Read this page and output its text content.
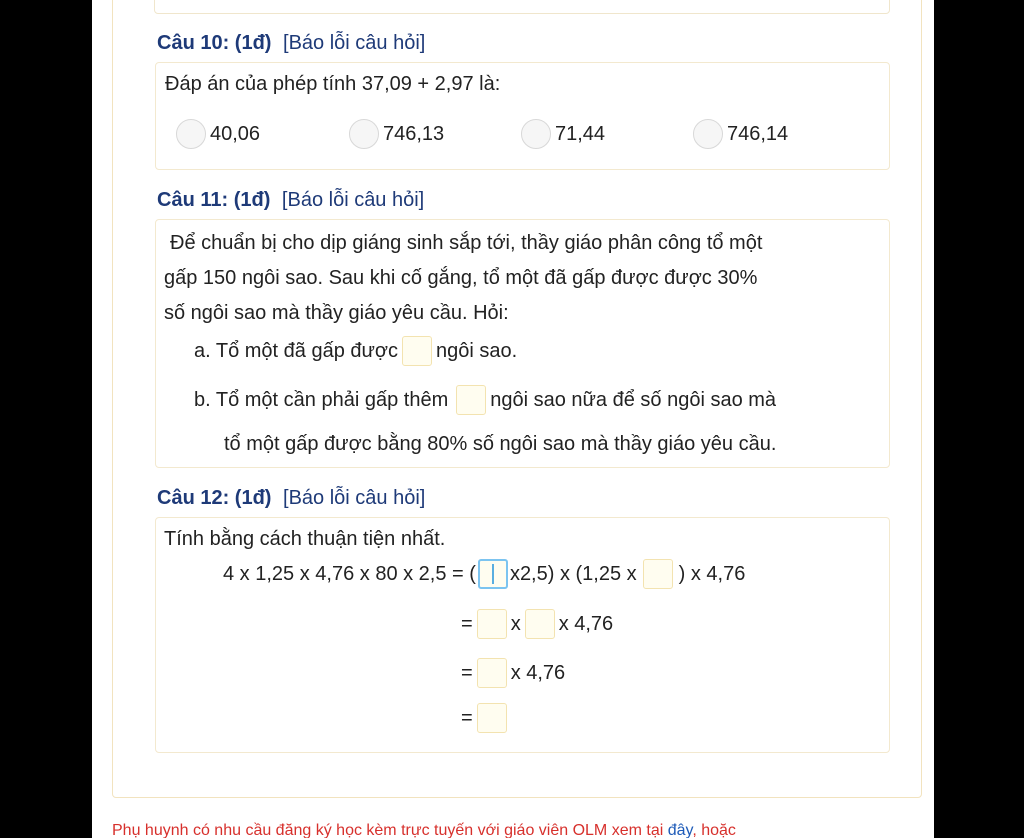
Câu 10: (1đ) [Báo lỗi câu hỏi]
Đáp án của phép tính 37,09 + 2,97 là:
40,06	746,13	71,44	746,14
Câu 11: (1đ) [Báo lỗi câu hỏi]
Để chuẩn bị cho dịp giáng sinh sắp tới, thầy giáo phân công tổ một
gấp 150 ngôi sao. Sau khi cố gắng, tổ một đã gấp được được 30%
số ngôi sao mà thầy giáo yêu cầu. Hỏi:
a. Tổ một đã gấp được ngôi sao.
b. Tổ một cần phải gấp thêm ngôi sao nữa để số ngôi sao mà
tổ một gấp được bằng 80% số ngôi sao mà thầy giáo yêu cầu.
Câu 12: (1đ) [Báo lỗi câu hỏi]
Tính bằng cách thuận tiện nhất.
4 x 1,25 x 4,76 x 80 x 2,5 = ( x2,5) x (1,25 x ) x 4,76
= x x 4,76
= x 4,76
=
Phụ huynh có nhu cầu đăng ký học kèm trực tuyến với giáo viên OLM xem tại đây, hoặc
